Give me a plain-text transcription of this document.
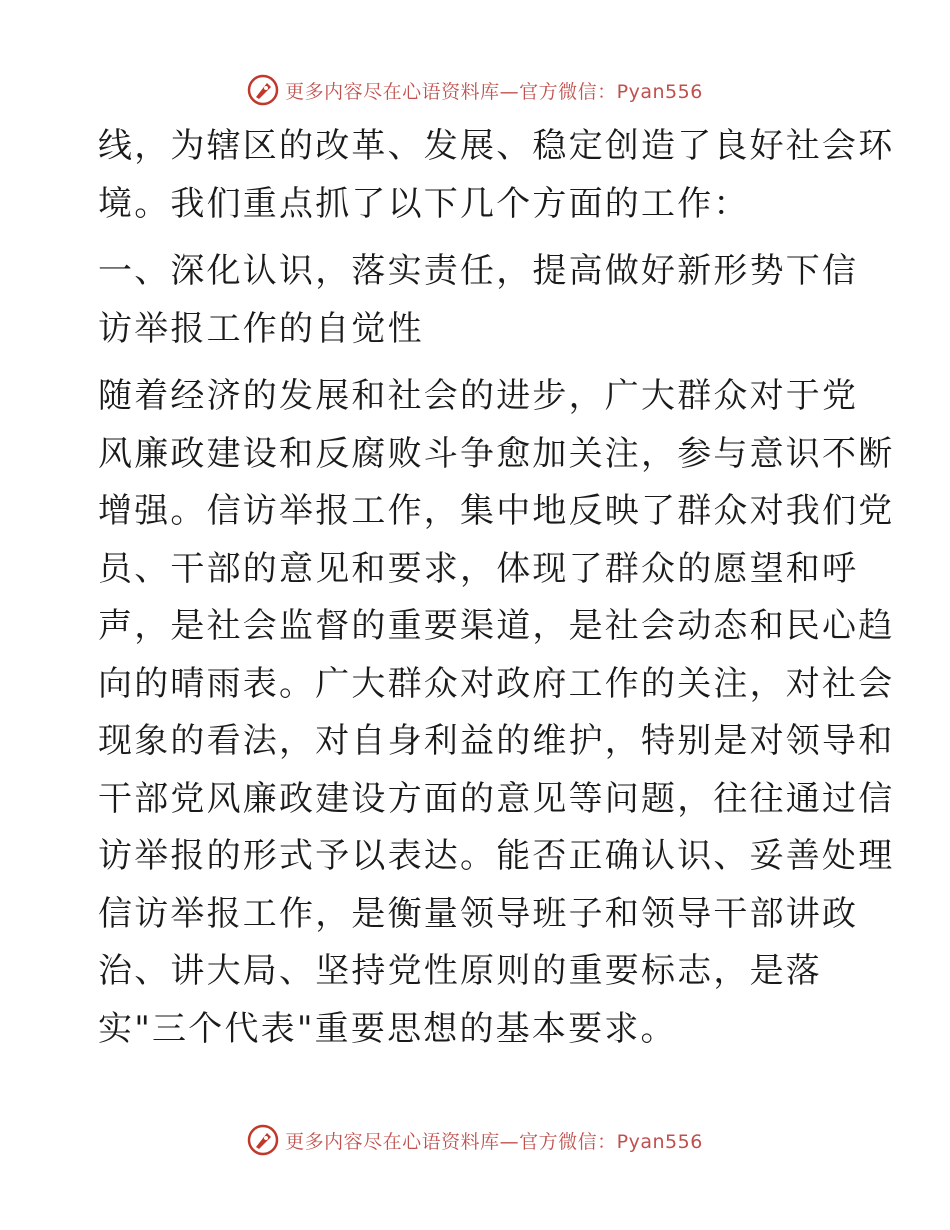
更多内容尽在心语资料库—官方微信：Pyan556
线，为辖区的改革、发展、稳定创造了良好社会环
境。我们重点抓了以下几个方面的工作：
一、深化认识，落实责任，提高做好新形势下信
访举报工作的自觉性
随着经济的发展和社会的进步，广大群众对于党
风廉政建设和反腐败斗争愈加关注，参与意识不断
增强。信访举报工作，集中地反映了群众对我们党
员、干部的意见和要求，体现了群众的愿望和呼
声，是社会监督的重要渠道，是社会动态和民心趋
向的晴雨表。广大群众对政府工作的关注，对社会
现象的看法，对自身利益的维护，特别是对领导和
干部党风廉政建设方面的意见等问题，往往通过信
访举报的形式予以表达。能否正确认识、妥善处理
信访举报工作，是衡量领导班子和领导干部讲政
治、讲大局、坚持党性原则的重要标志，是落
实"三个代表"重要思想的基本要求。
更多内容尽在心语资料库—官方微信：Pyan556
